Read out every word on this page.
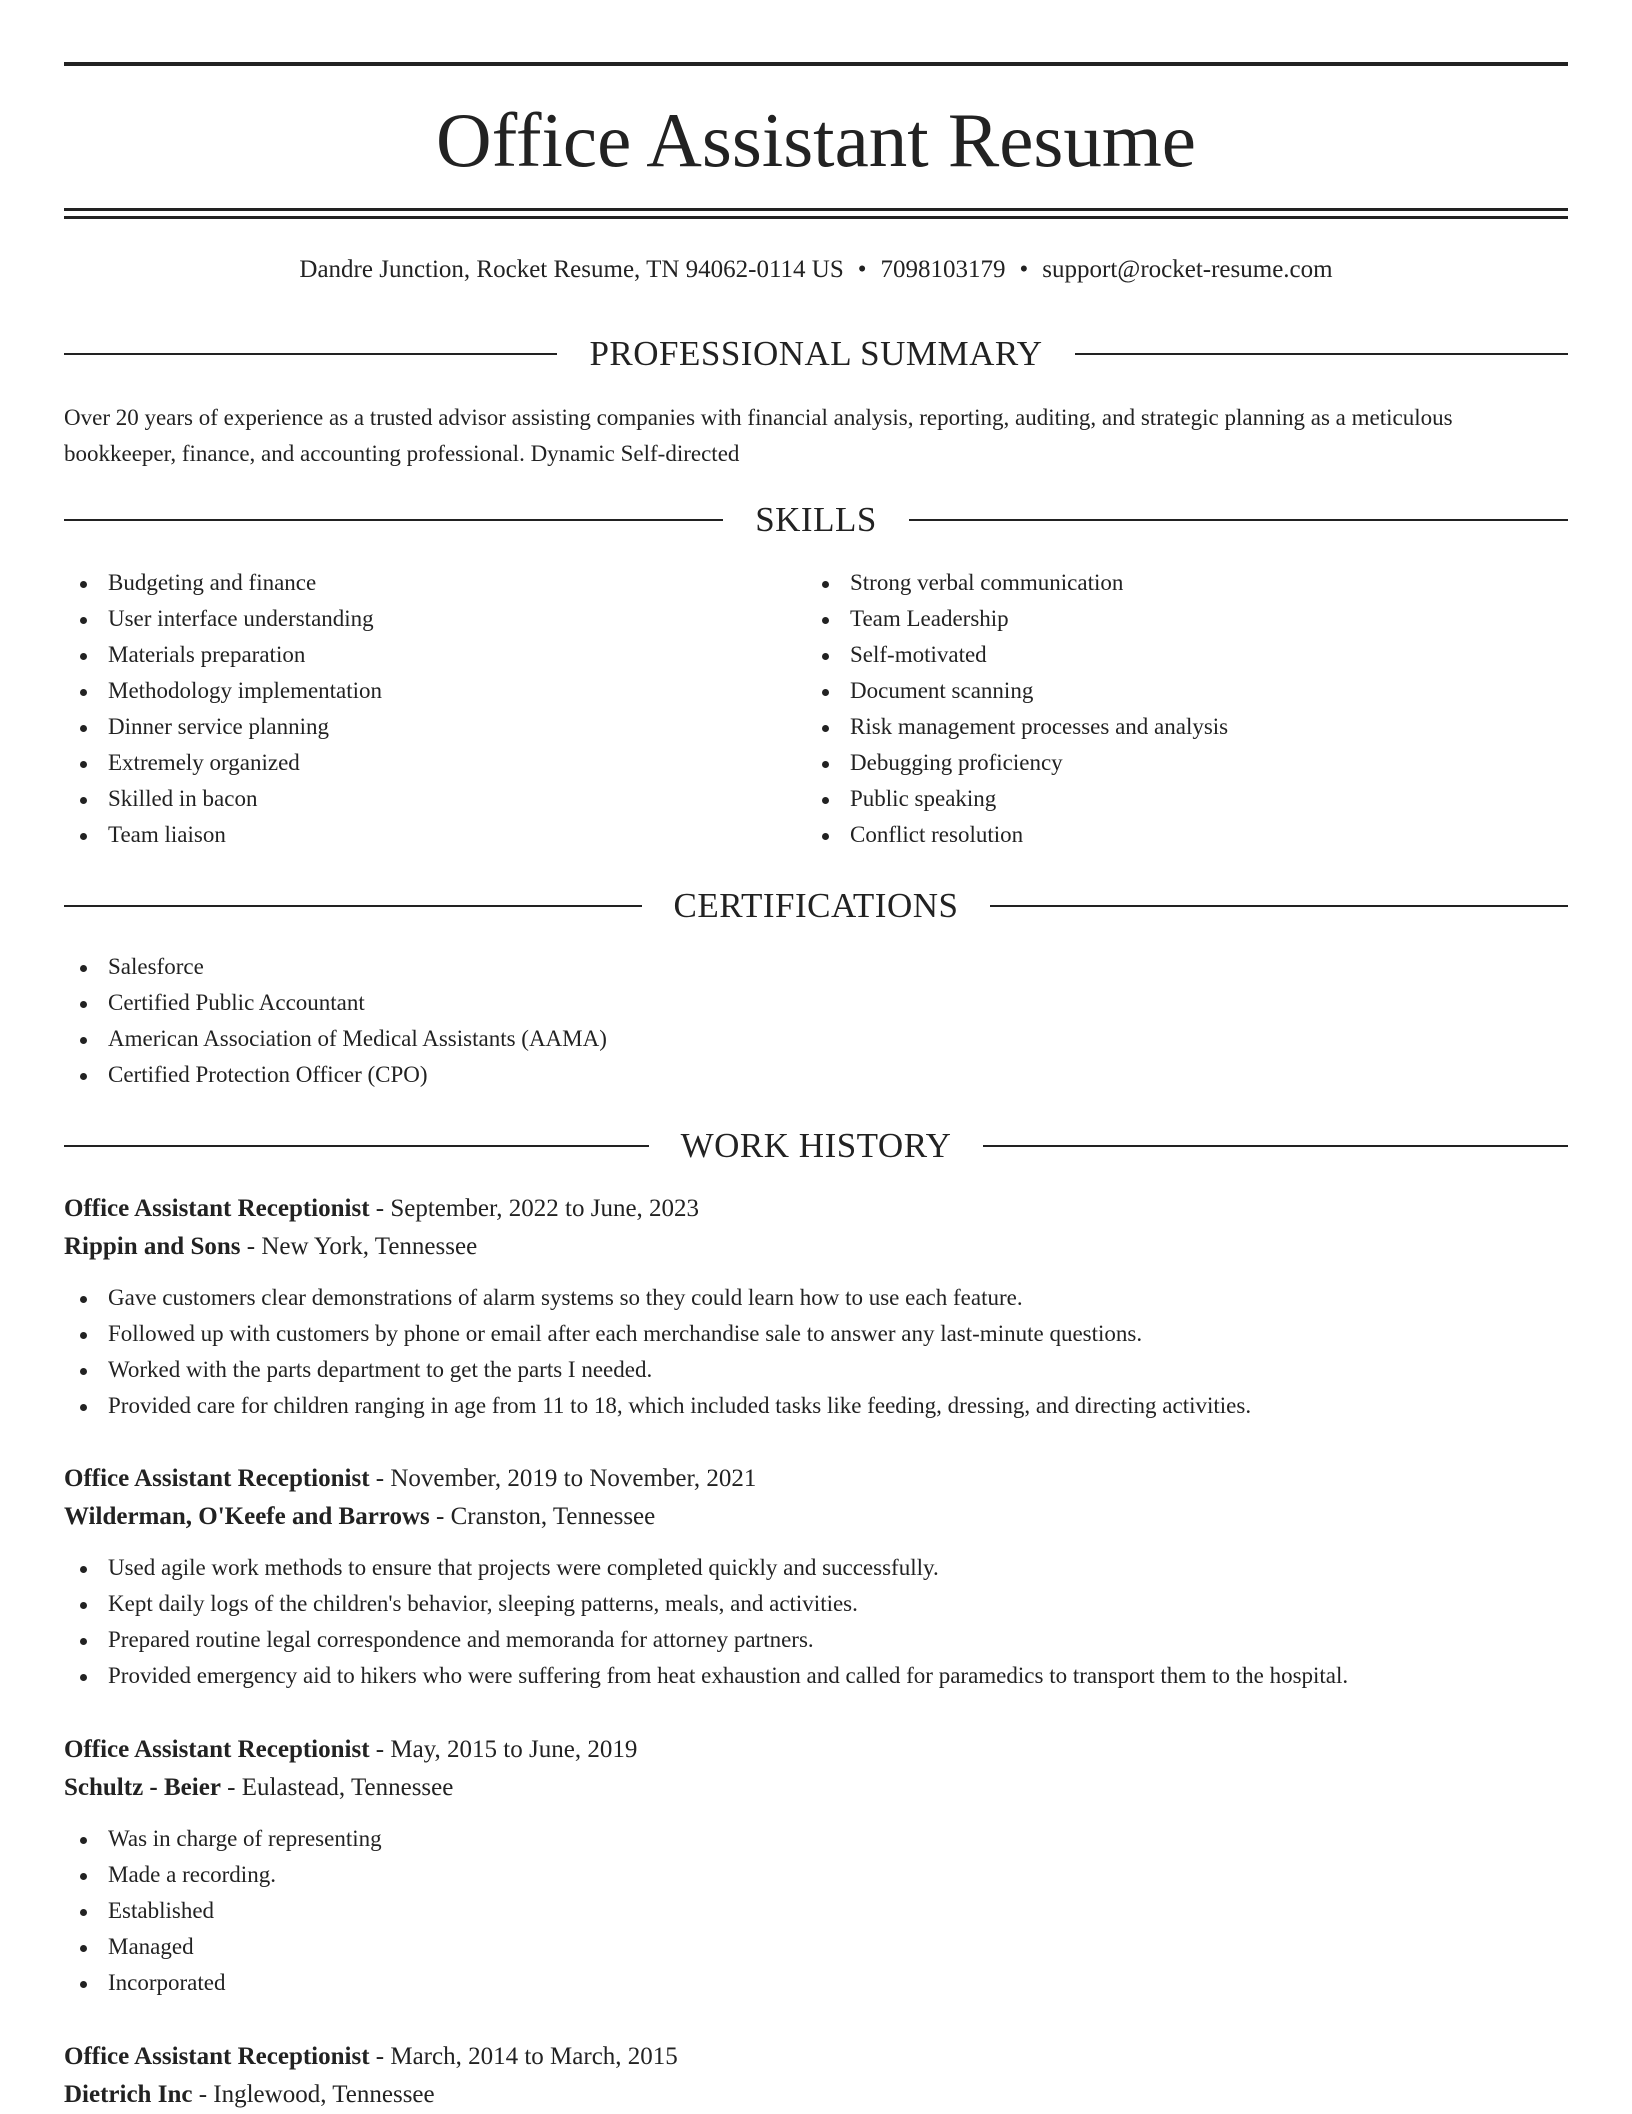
Office Assistant Resume
Dandre Junction, Rocket Resume, TN 94062-0114 US • 7098103179 • support@rocket-resume.com
PROFESSIONAL SUMMARY
Over 20 years of experience as a trusted advisor assisting companies with financial analysis, reporting, auditing, and strategic planning as a meticulous bookkeeper, finance, and accounting professional. Dynamic Self-directed
SKILLS
Budgeting and finance
User interface understanding
Materials preparation
Methodology implementation
Dinner service planning
Extremely organized
Skilled in bacon
Team liaison
Strong verbal communication
Team Leadership
Self-motivated
Document scanning
Risk management processes and analysis
Debugging proficiency
Public speaking
Conflict resolution
CERTIFICATIONS
Salesforce
Certified Public Accountant
American Association of Medical Assistants (AAMA)
Certified Protection Officer (CPO)
WORK HISTORY
Office Assistant Receptionist - September, 2022 to June, 2023
Rippin and Sons - New York, Tennessee
Gave customers clear demonstrations of alarm systems so they could learn how to use each feature.
Followed up with customers by phone or email after each merchandise sale to answer any last-minute questions.
Worked with the parts department to get the parts I needed.
Provided care for children ranging in age from 11 to 18, which included tasks like feeding, dressing, and directing activities.
Office Assistant Receptionist - November, 2019 to November, 2021
Wilderman, O'Keefe and Barrows - Cranston, Tennessee
Used agile work methods to ensure that projects were completed quickly and successfully.
Kept daily logs of the children's behavior, sleeping patterns, meals, and activities.
Prepared routine legal correspondence and memoranda for attorney partners.
Provided emergency aid to hikers who were suffering from heat exhaustion and called for paramedics to transport them to the hospital.
Office Assistant Receptionist - May, 2015 to June, 2019
Schultz - Beier - Eulastead, Tennessee
Was in charge of representing
Made a recording.
Established
Managed
Incorporated
Office Assistant Receptionist - March, 2014 to March, 2015
Dietrich Inc - Inglewood, Tennessee
